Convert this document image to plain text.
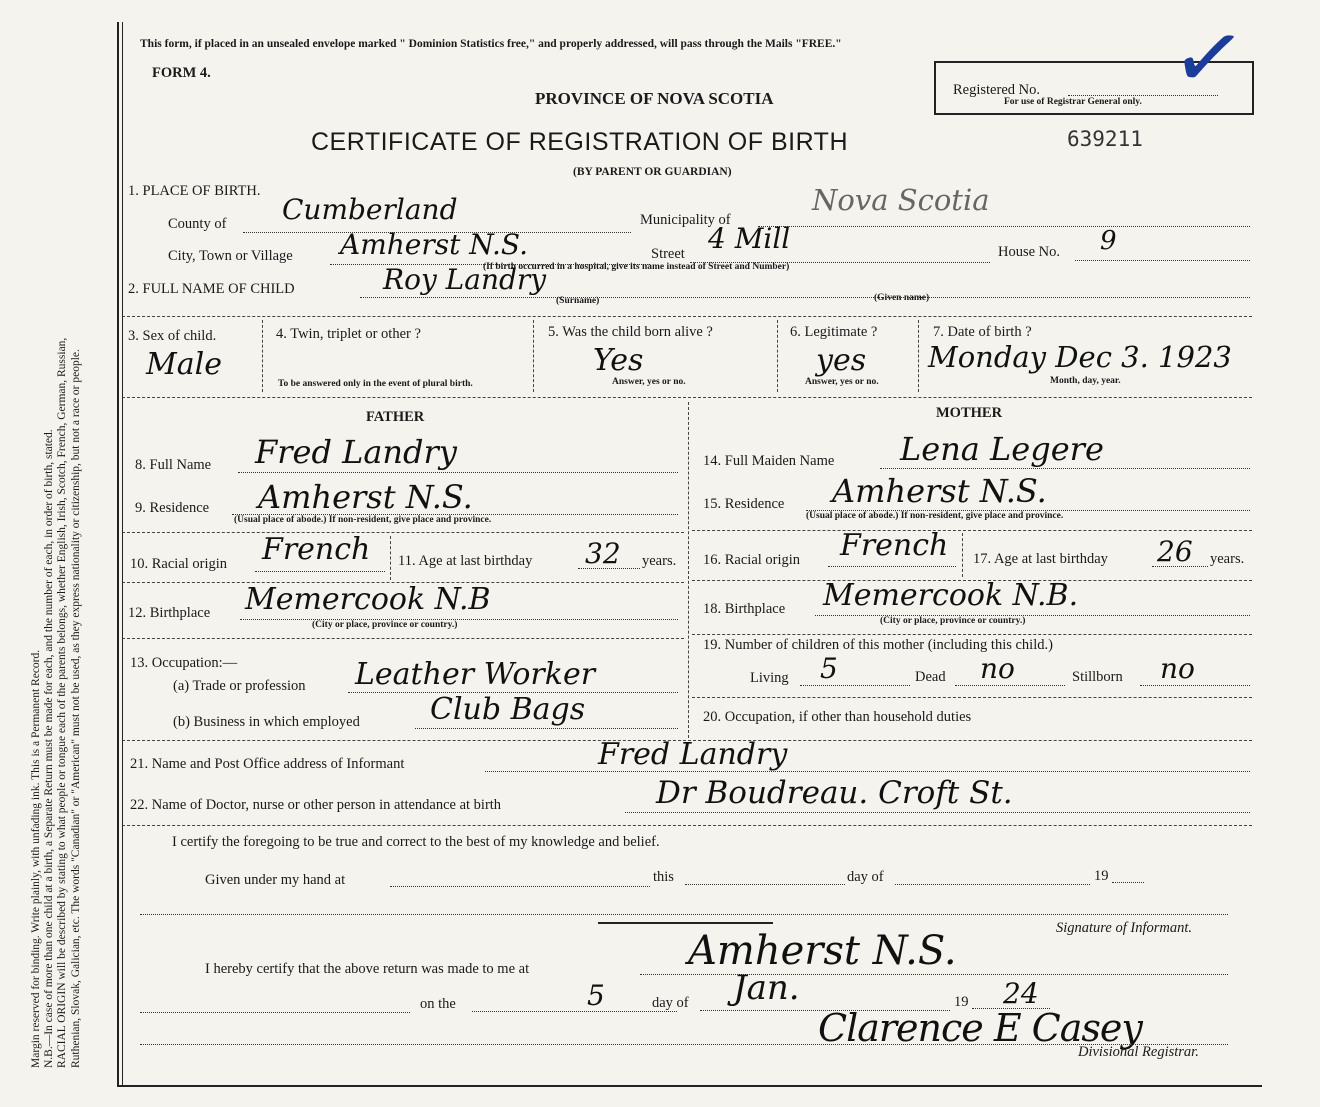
Margin reserved for binding. Write plainly, with unfading ink. This is a Permanent Record. N.B.—In case of more than one child at a birth, a Separate Return must be made for each, and the number of each, in order of birth, stated. RACIAL ORIGIN will be described by stating to what people or tongue each of the parents belongs, whether English, Irish, Scotch, French, German, Russian, Ruthenian, Slovak, Galician, etc. The words "Canadian" or "American" must not be used, as they express nationality or citizenship, but not a race or people.
This form, if placed in an unsealed envelope marked " Dominion Statistics free," and properly addressed, will pass through the Mails "FREE."
FORM 4.
PROVINCE OF NOVA SCOTIA
CERTIFICATE OF REGISTRATION OF BIRTH	639211
(BY PARENT OR GUARDIAN)
Registered No.
For use of Registrar General only. ✓
1. PLACE OF BIRTH.
County of Cumberland	Municipality of
Nova Scotia
City, Town or Village Amherst N.S.	Street 4 Mill	House No. 9
(If birth occurred in a hospital, give its name instead of Street and Number)
2. FULL NAME OF CHILD	Roy Landry
(Surname)	(Given name)
3. Sex of child.
Male
4. Twin, triplet or other ?
To be answered only in the event of plural birth.
5. Was the child born alive ?
Yes
Answer, yes or no.
6. Legitimate ?
yes
Answer, yes or no.
7. Date of birth ?
Monday Dec 3. 1923
Month, day, year.
FATHER	MOTHER
8. Full Name Fred Landry
9. Residence Amherst N.S.
(Usual place of abode.) If non-resident, give place and province.
10. Racial origin French 11. Age at last birthday 32 years.
12. Birthplace Memercook N.B
(City or place, province or country.)
13. Occupation:—
(a) Trade or profession Leather Worker
(b) Business in which employed Club Bags
14. Full Maiden Name Lena Legere
15. Residence Amherst N.S.
(Usual place of abode.) If non-resident, give place and province.
16. Racial origin French 17. Age at last birthday 26 years.
18. Birthplace Memercook N.B.
(City or place, province or country.)
19. Number of children of this mother (including this child.)
Living 5	Dead no	Stillborn no
20. Occupation, if other than household duties
21. Name and Post Office address of Informant	Fred Landry
22. Name of Doctor, nurse or other person in attendance at birth	Dr Boudreau. Croft St.
I certify the foregoing to be true and correct to the best of my knowledge and belief.
Given under my hand at	this	day of	19
Signature of Informant.
I hereby certify that the above return was made to me at	Amherst N.S.
on the	5	day of Jan.	19 24
Clarence E Casey
Divisional Registrar.
